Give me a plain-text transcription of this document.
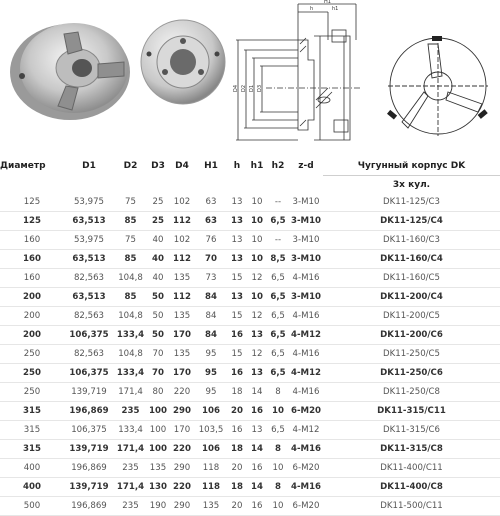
H1
h	h1
D4 D2 D1 D3
Диаметр	D1	D2	D3	D4	H1	h	h1	h2	z-d	Чугунный корпус DK
										3х кул.
125	53,975	75	25	102	63	13	10	--	3-M10	DK11-125/C3
125	63,513	85	25	112	63	13	10	6,5	3-M10	DK11-125/C4
160	53,975	75	40	102	76	13	10	--	3-M10	DK11-160/C3
160	63,513	85	40	112	70	13	10	8,5	3-M10	DK11-160/C4
160	82,563	104,8	40	135	73	15	12	6,5	4-M16	DK11-160/C5
200	63,513	85	50	112	84	13	10	6,5	3-M10	DK11-200/C4
200	82,563	104,8	50	135	84	15	12	6,5	4-M16	DK11-200/C5
200	106,375	133,4	50	170	84	16	13	6,5	4-M12	DK11-200/C6
250	82,563	104,8	70	135	95	15	12	6,5	4-M16	DK11-250/C5
250	106,375	133,4	70	170	95	16	13	6,5	4-M12	DK11-250/C6
250	139,719	171,4	80	220	95	18	14	8	4-M16	DK11-250/C8
315	196,869	235	100	290	106	20	16	10	6-M20	DK11-315/C11
315	106,375	133,4	100	170	103,5	16	13	6,5	4-M12	DK11-315/C6
315	139,719	171,4	100	220	106	18	14	8	4-M16	DK11-315/C8
400	196,869	235	135	290	118	20	16	10	6-M20	DK11-400/C11
400	139,719	171,4	130	220	118	18	14	8	4-M16	DK11-400/C8
500	196,869	235	190	290	135	20	16	10	6-M20	DK11-500/C11
